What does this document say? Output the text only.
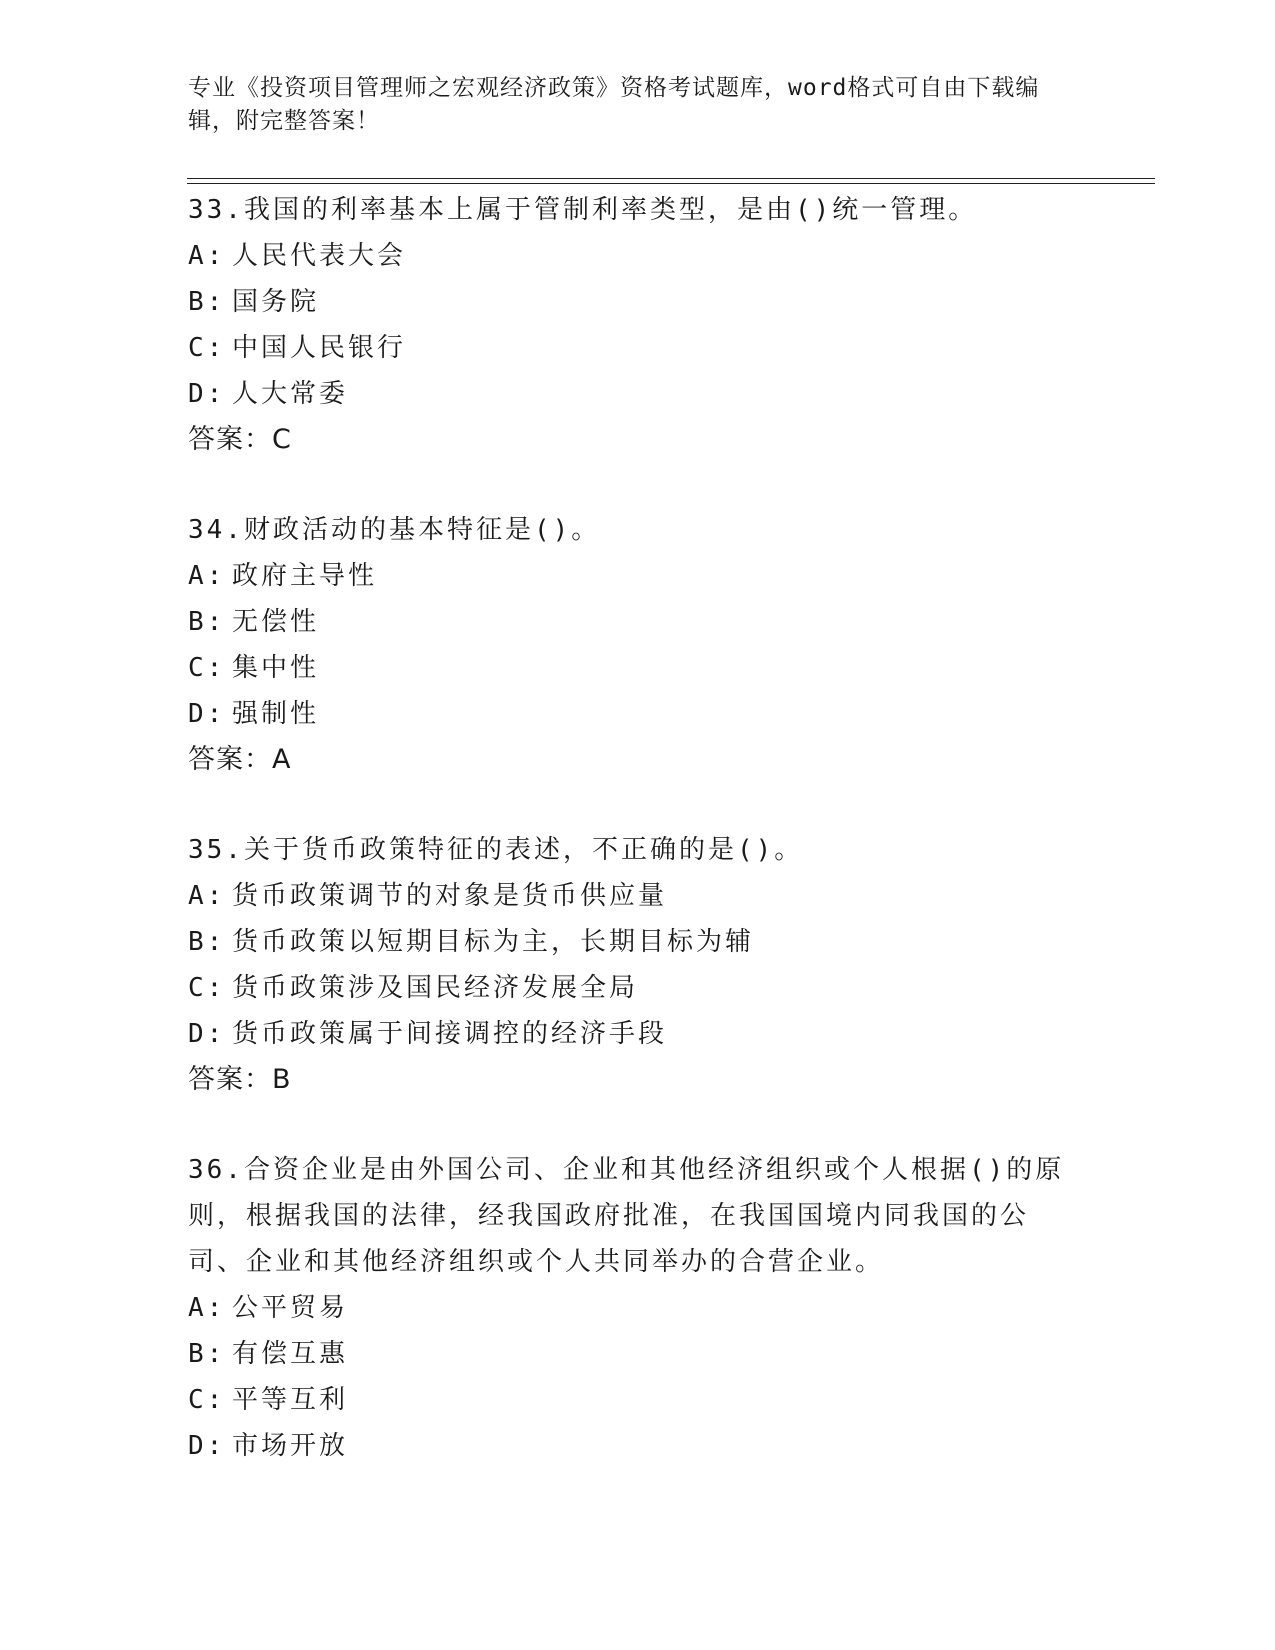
专业《投资项目管理师之宏观经济政策》资格考试题库，word格式可自由下载编辑，附完整答案！
33.我国的利率基本上属于管制利率类型，是由()统一管理。
A: 人民代表大会
B: 国务院
C: 中国人民银行
D: 人大常委
答案：C
34.财政活动的基本特征是()。
A: 政府主导性
B: 无偿性
C: 集中性
D: 强制性
答案：A
35.关于货币政策特征的表述，不正确的是()。
A: 货币政策调节的对象是货币供应量
B: 货币政策以短期目标为主，长期目标为辅
C: 货币政策涉及国民经济发展全局
D: 货币政策属于间接调控的经济手段
答案：B
36.合资企业是由外国公司、企业和其他经济组织或个人根据()的原则，根据我国的法律，经我国政府批准，在我国国境内同我国的公司、企业和其他经济组织或个人共同举办的合营企业。
A: 公平贸易
B: 有偿互惠
C: 平等互利
D: 市场开放
